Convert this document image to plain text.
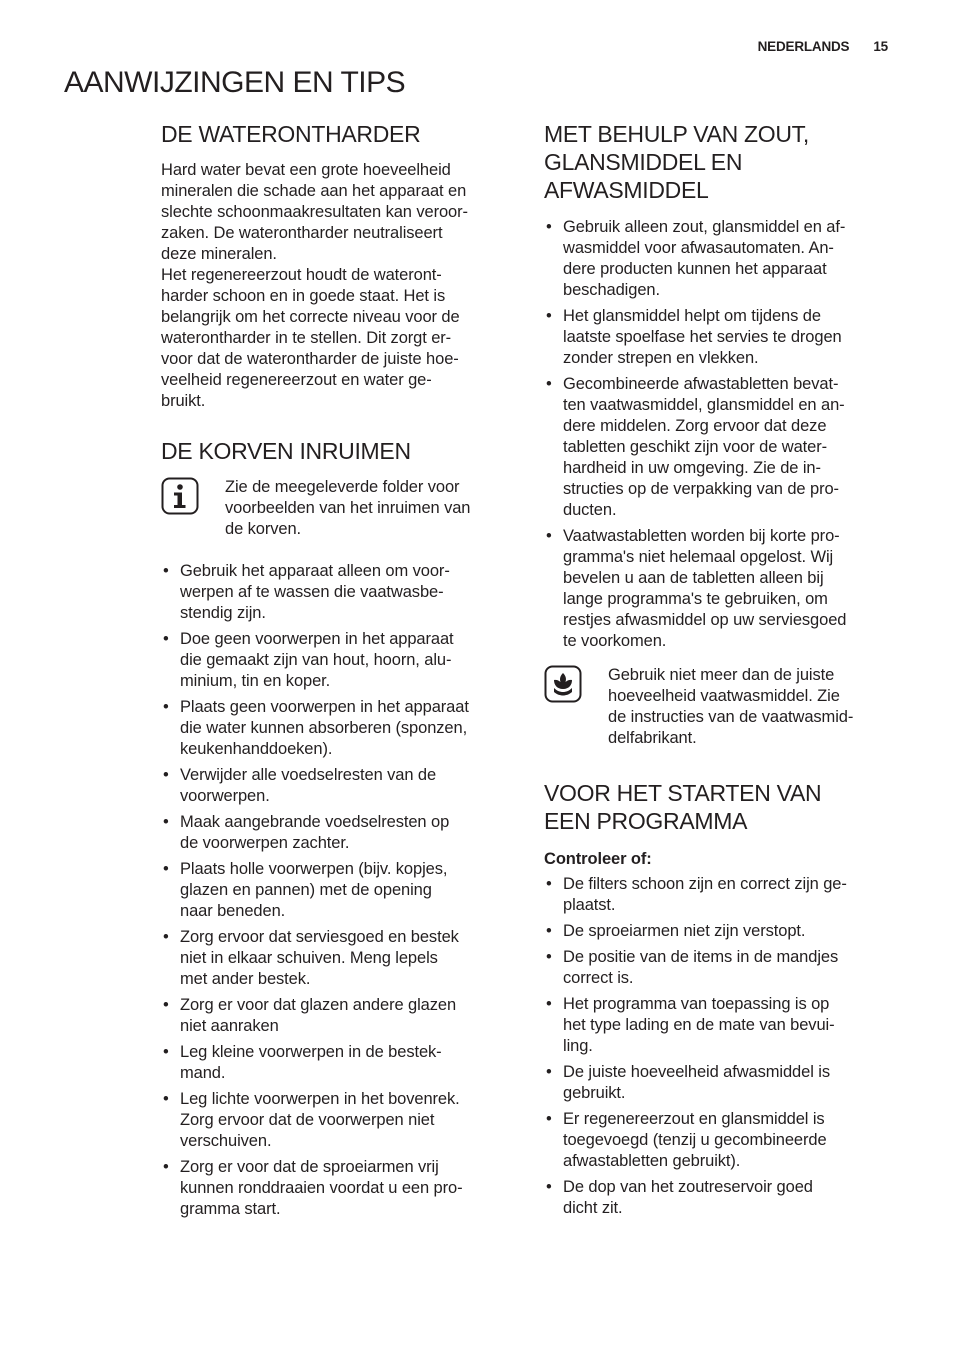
NEDERLANDS 15
AANWIJZINGEN EN TIPS
DE WATERONTHARDER

Hard water bevat een grote hoeveelheid
mineralen die schade aan het apparaat en
slechte schoonmaakresultaten kan veroor-
zaken. De waterontharder neutraliseert
deze mineralen.
Het regenereerzout houdt de wateront-
harder schoon en in goede staat. Het is
belangrijk om het correcte niveau voor de
waterontharder in te stellen. Dit zorgt er-
voor dat de waterontharder de juiste hoe-
veelheid regenereerzout en water ge-
bruikt.

DE KORVEN INRUIMEN

Zie de meegeleverde folder voor
voorbeelden van het inruimen van
de korven.

• Gebruik het apparaat alleen om voor-
werpen af te wassen die vaatwasbe-
stendig zijn.
• Doe geen voorwerpen in het apparaat
die gemaakt zijn van hout, hoorn, alu-
minium, tin en koper.
• Plaats geen voorwerpen in het apparaat
die water kunnen absorberen (sponzen,
keukenhanddoeken).
• Verwijder alle voedselresten van de
voorwerpen.
• Maak aangebrande voedselresten op
de voorwerpen zachter.
• Plaats holle voorwerpen (bijv. kopjes,
glazen en pannen) met de opening
naar beneden.
• Zorg ervoor dat serviesgoed en bestek
niet in elkaar schuiven. Meng lepels
met ander bestek.
• Zorg er voor dat glazen andere glazen
niet aanraken
• Leg kleine voorwerpen in de bestek-
mand.
• Leg lichte voorwerpen in het bovenrek.
Zorg ervoor dat de voorwerpen niet
verschuiven.
• Zorg er voor dat de sproeiarmen vrij
kunnen ronddraaien voordat u een pro-
gramma start.
MET BEHULP VAN ZOUT,
GLANSMIDDEL EN
AFWASMIDDEL
• Gebruik alleen zout, glansmiddel en af-
wasmiddel voor afwasautomaten. An-
dere producten kunnen het apparaat
beschadigen.
• Het glansmiddel helpt om tijdens de
laatste spoelfase het servies te drogen
zonder strepen en vlekken.
• Gecombineerde afwastabletten bevat-
ten vaatwasmiddel, glansmiddel en an-
dere middelen. Zorg ervoor dat deze
tabletten geschikt zijn voor de water-
hardheid in uw omgeving. Zie de in-
structies op de verpakking van de pro-
ducten.
• Vaatwastabletten worden bij korte pro-
gramma's niet helemaal opgelost. Wij
bevelen u aan de tabletten alleen bij
lange programma's te gebruiken, om
restjes afwasmiddel op uw serviesgoed
te voorkomen.

Gebruik niet meer dan de juiste
hoeveelheid vaatwasmiddel. Zie
de instructies van de vaatwasmid-
delfabrikant.

VOOR HET STARTEN VAN
EEN PROGRAMMA

Controleer of:

• De filters schoon zijn en correct zijn ge-
plaatst.
• De sproeiarmen niet zijn verstopt.
• De positie van de items in de mandjes
correct is.
• Het programma van toepassing is op
het type lading en de mate van bevui-
ling.
• De juiste hoeveelheid afwasmiddel is
gebruikt.
• Er regenereerzout en glansmiddel is
toegevoegd (tenzij u gecombineerde
afwastabletten gebruikt).
• De dop van het zoutreservoir goed
dicht zit.
